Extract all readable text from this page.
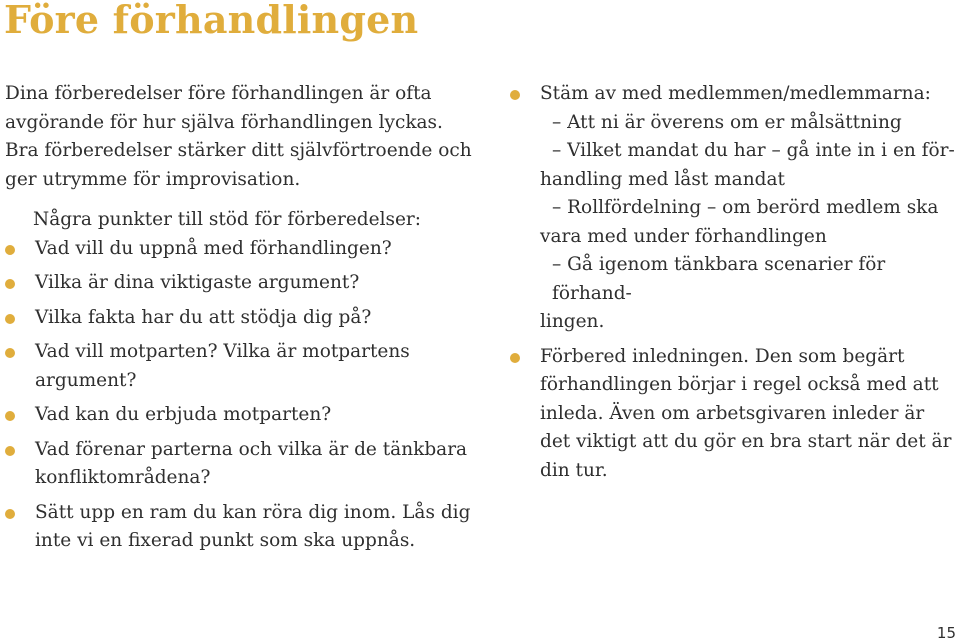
Före förhandlingen

Dina förberedelser före förhandlingen är ofta avgörande för hur själva förhandlingen lyckas. Bra förberedelser stärker ditt självförtroende och ger utrymme för improvisation.

Några punkter till stöd för förberedelser:

Vad vill du uppnå med förhandlingen?
Vilka är dina viktigaste argument?
Vilka fakta har du att stödja dig på?
Vad vill motparten? Vilka är motpartens argument?
Vad kan du erbjuda motparten?
Vad förenar parterna och vilka är de tänkbara konfliktområdena?
Sätt upp en ram du kan röra dig inom. Lås dig inte vi en fixerad punkt som ska uppnås.

Stäm av med medlemmen/medlemmarna:

– Att ni är överens om er målsättning

– Vilket mandat du har – gå inte in i en för-

handling med låst mandat

– Rollfördelning – om berörd medlem ska

vara med under förhandlingen

– Gå igenom tänkbara scenarier för förhand-

lingen.

Förbered inledningen. Den som begärt förhandlingen börjar i regel också med att inleda. Även om arbetsgivaren inleder är det viktigt att du gör en bra start när det är din tur.
15
